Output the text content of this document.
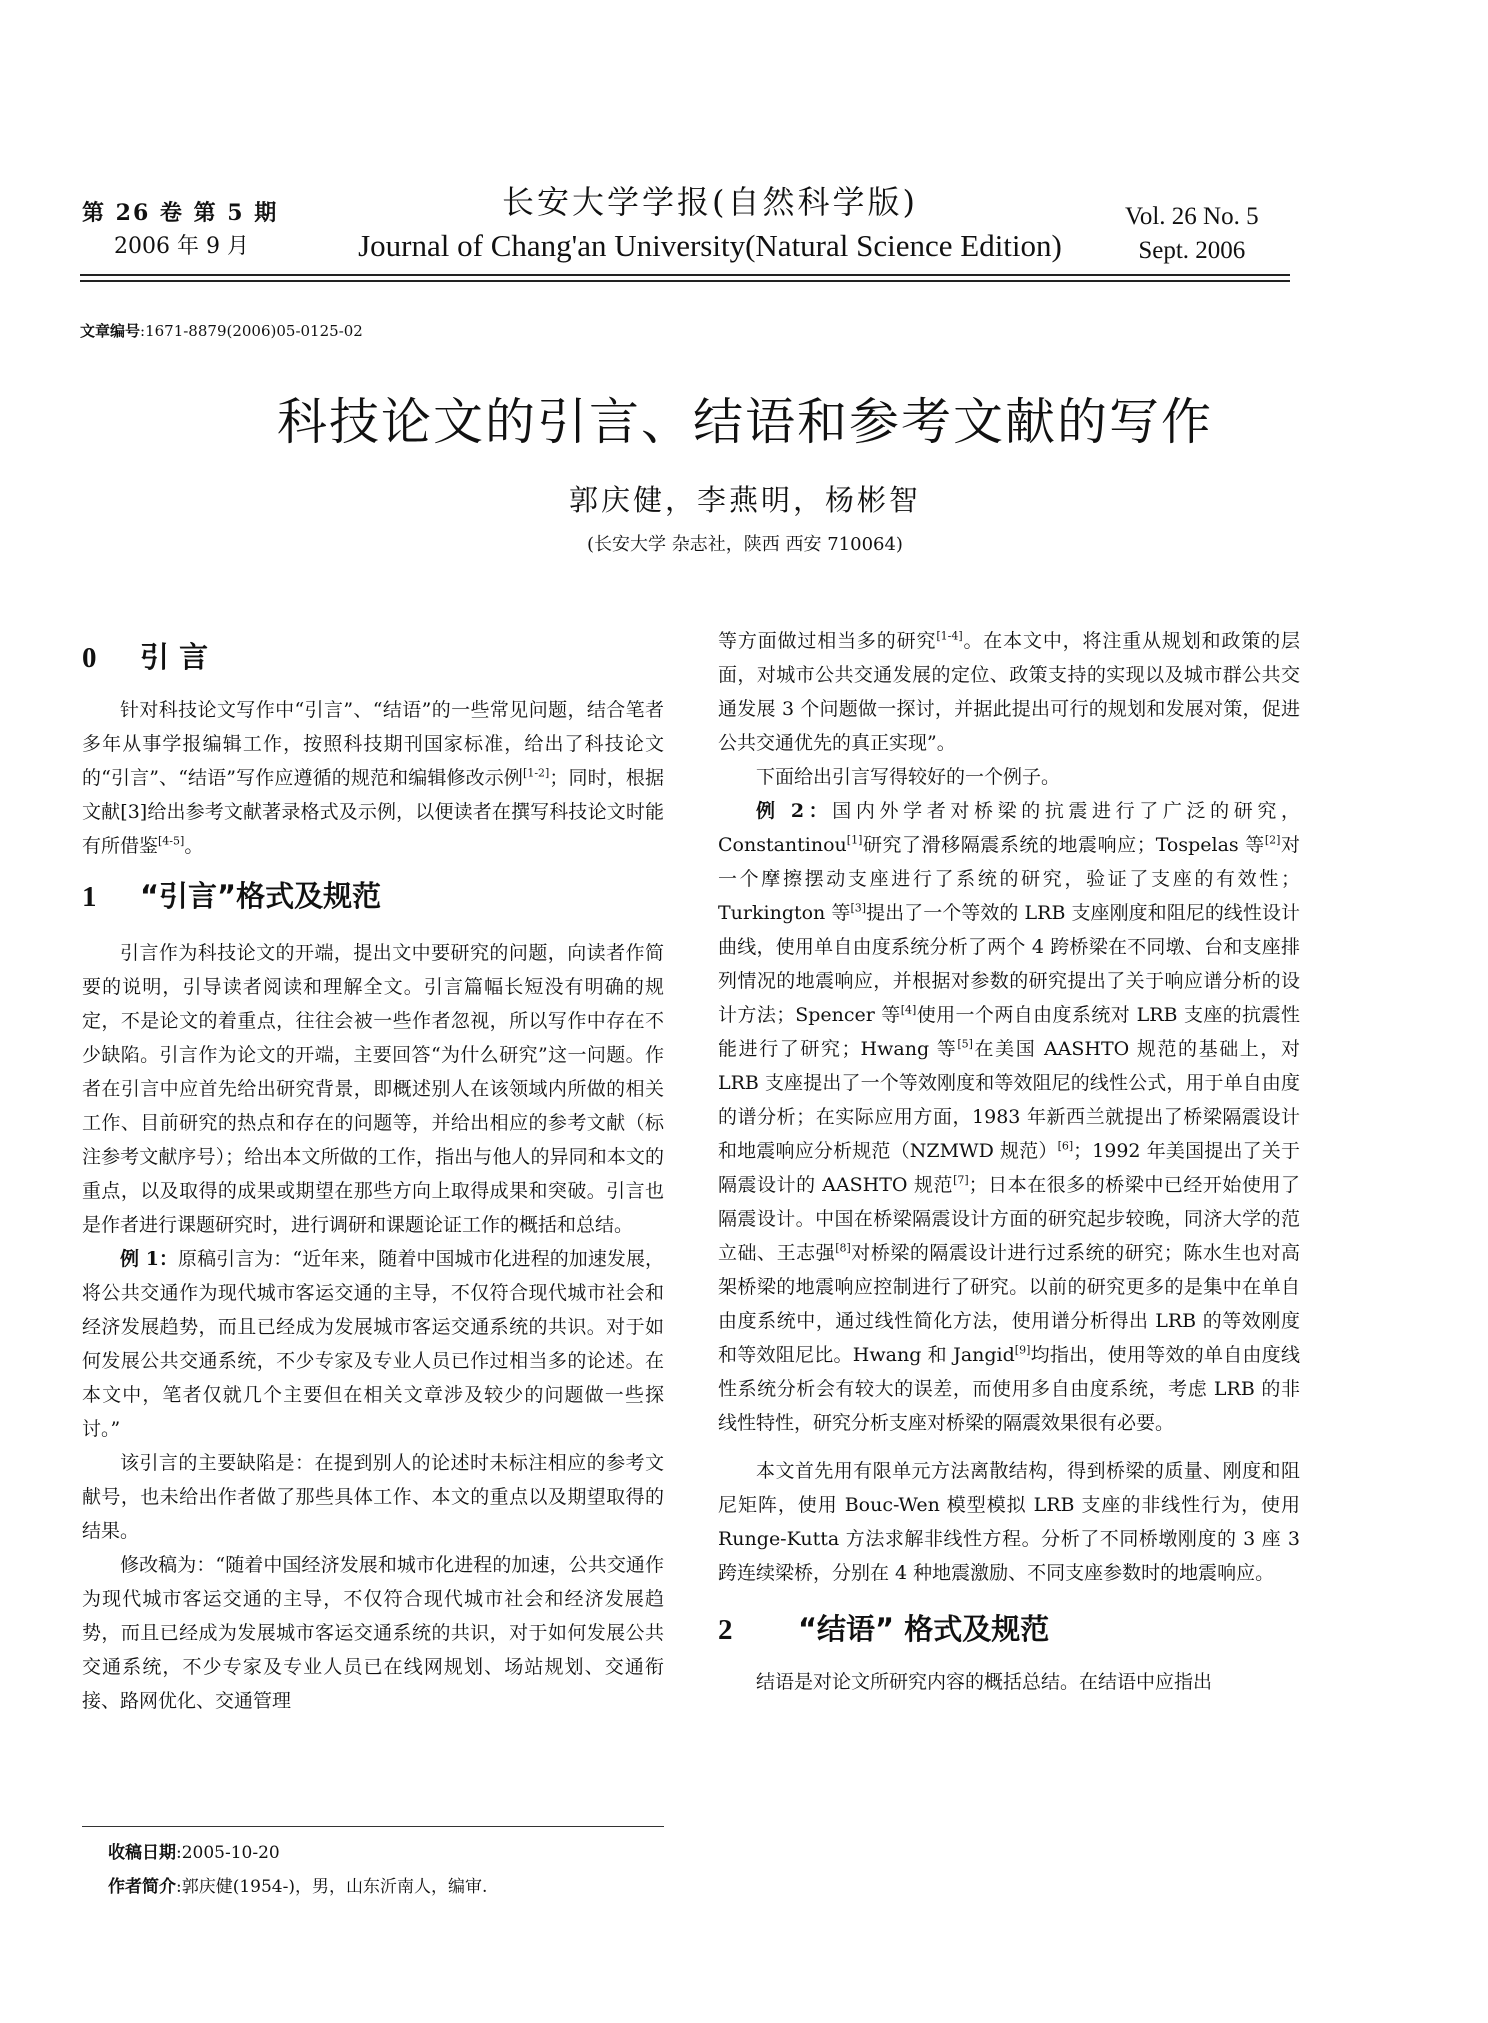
第 26 卷 第 5 期
2006 年 9 月
长安大学学报(自然科学版)
Journal of Chang'an University(Natural Science Edition)
Vol. 26 No. 5
Sept. 2006
文章编号:1671-8879(2006)05-0125-02
科技论文的引言、结语和参考文献的写作
郭庆健，李燕明，杨彬智
(长安大学 杂志社，陕西 西安 710064)
0 引 言

针对科技论文写作中“引言”、“结语”的一些常见问题，结合笔者多年从事学报编辑工作，按照科技期刊国家标准，给出了科技论文的“引言”、“结语”写作应遵循的规范和编辑修改示例[1-2]；同时，根据文献[3]给出参考文献著录格式及示例，以便读者在撰写科技论文时能有所借鉴[4-5]。

1 “引言”格式及规范

引言作为科技论文的开端，提出文中要研究的问题，向读者作简要的说明，引导读者阅读和理解全文。引言篇幅长短没有明确的规定，不是论文的着重点，往往会被一些作者忽视，所以写作中存在不少缺陷。引言作为论文的开端，主要回答“为什么研究”这一问题。作者在引言中应首先给出研究背景，即概述别人在该领域内所做的相关工作、目前研究的热点和存在的问题等，并给出相应的参考文献（标注参考文献序号）；给出本文所做的工作，指出与他人的异同和本文的重点，以及取得的成果或期望在那些方向上取得成果和突破。引言也是作者进行课题研究时，进行调研和课题论证工作的概括和总结。

例 1：原稿引言为：“近年来，随着中国城市化进程的加速发展，将公共交通作为现代城市客运交通的主导，不仅符合现代城市社会和经济发展趋势，而且已经成为发展城市客运交通系统的共识。对于如何发展公共交通系统，不少专家及专业人员已作过相当多的论述。在本文中，笔者仅就几个主要但在相关文章涉及较少的问题做一些探讨。”

该引言的主要缺陷是：在提到别人的论述时未标注相应的参考文献号，也未给出作者做了那些具体工作、本文的重点以及期望取得的结果。

修改稿为：“随着中国经济发展和城市化进程的加速，公共交通作为现代城市客运交通的主导，不仅符合现代城市社会和经济发展趋势，而且已经成为发展城市客运交通系统的共识，对于如何发展公共交通系统，不少专家及专业人员已在线网规划、场站规划、交通衔接、路网优化、交通管理

等方面做过相当多的研究[1-4]。在本文中，将注重从规划和政策的层面，对城市公共交通发展的定位、政策支持的实现以及城市群公共交通发展 3 个问题做一探讨，并据此提出可行的规划和发展对策，促进公共交通优先的真正实现”。

下面给出引言写得较好的一个例子。

例 2：国内外学者对桥梁的抗震进行了广泛的研究，Constantinou[1]研究了滑移隔震系统的地震响应；Tospelas 等[2]对一个摩擦摆动支座进行了系统的研究，验证了支座的有效性；Turkington 等[3]提出了一个等效的 LRB 支座刚度和阻尼的线性设计曲线，使用单自由度系统分析了两个 4 跨桥梁在不同墩、台和支座排列情况的地震响应，并根据对参数的研究提出了关于响应谱分析的设计方法；Spencer 等[4]使用一个两自由度系统对 LRB 支座的抗震性能进行了研究；Hwang 等[5]在美国 AASHTO 规范的基础上，对 LRB 支座提出了一个等效刚度和等效阻尼的线性公式，用于单自由度的谱分析；在实际应用方面，1983 年新西兰就提出了桥梁隔震设计和地震响应分析规范（NZMWD 规范）[6]；1992 年美国提出了关于隔震设计的 AASHTO 规范[7]；日本在很多的桥梁中已经开始使用了隔震设计。中国在桥梁隔震设计方面的研究起步较晚，同济大学的范立础、王志强[8]对桥梁的隔震设计进行过系统的研究；陈水生也对高架桥梁的地震响应控制进行了研究。以前的研究更多的是集中在单自由度系统中，通过线性简化方法，使用谱分析得出 LRB 的等效刚度和等效阻尼比。Hwang 和 Jangid[9]均指出，使用等效的单自由度线性系统分析会有较大的误差，而使用多自由度系统，考虑 LRB 的非线性特性，研究分析支座对桥梁的隔震效果很有必要。

本文首先用有限单元方法离散结构，得到桥梁的质量、刚度和阻尼矩阵，使用 Bouc-Wen 模型模拟 LRB 支座的非线性行为，使用 Runge-Kutta 方法求解非线性方程。分析了不同桥墩刚度的 3 座 3 跨连续梁桥，分别在 4 种地震激励、不同支座参数时的地震响应。

2 “结语” 格式及规范

结语是对论文所研究内容的概括总结。在结语中应指出

收稿日期:2005-10-20
作者简介:郭庆健(1954-)，男，山东沂南人，编审.
